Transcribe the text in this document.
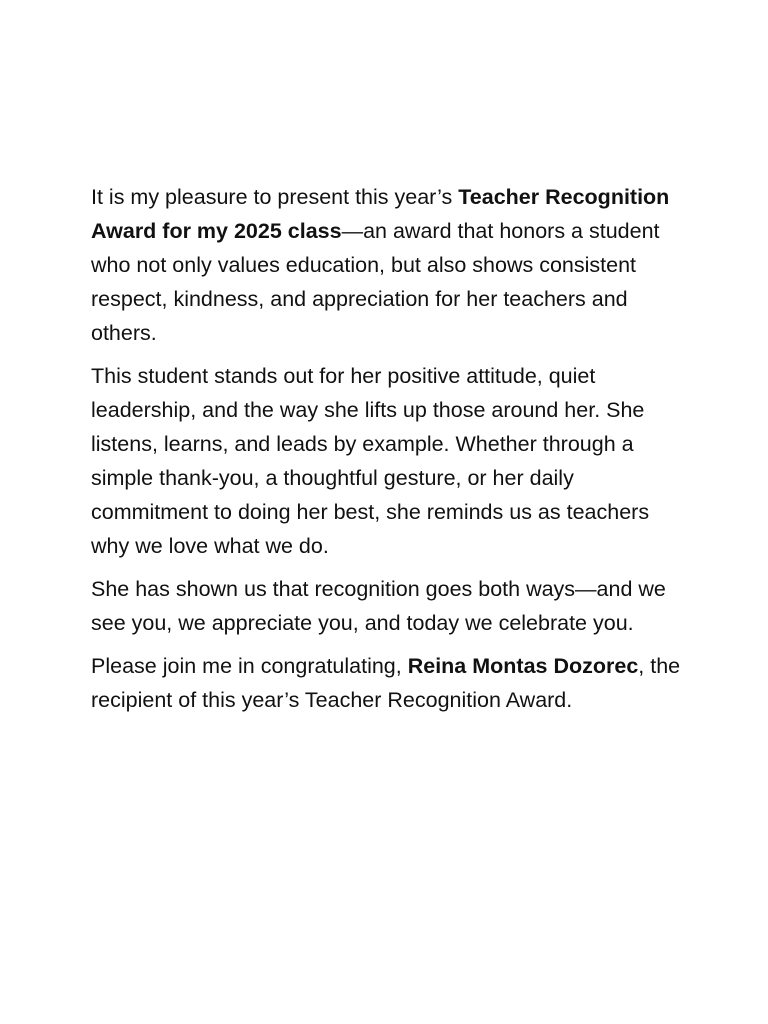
It is my pleasure to present this year’s Teacher Recognition Award for my 2025 class—an award that honors a student who not only values education, but also shows consistent respect, kindness, and appreciation for her teachers and others.

This student stands out for her positive attitude, quiet leadership, and the way she lifts up those around her. She listens, learns, and leads by example. Whether through a simple thank-you, a thoughtful gesture, or her daily commitment to doing her best, she reminds us as teachers why we love what we do.

She has shown us that recognition goes both ways—and we see you, we appreciate you, and today we celebrate you.

Please join me in congratulating, Reina Montas Dozorec, the recipient of this year’s Teacher Recognition Award.
